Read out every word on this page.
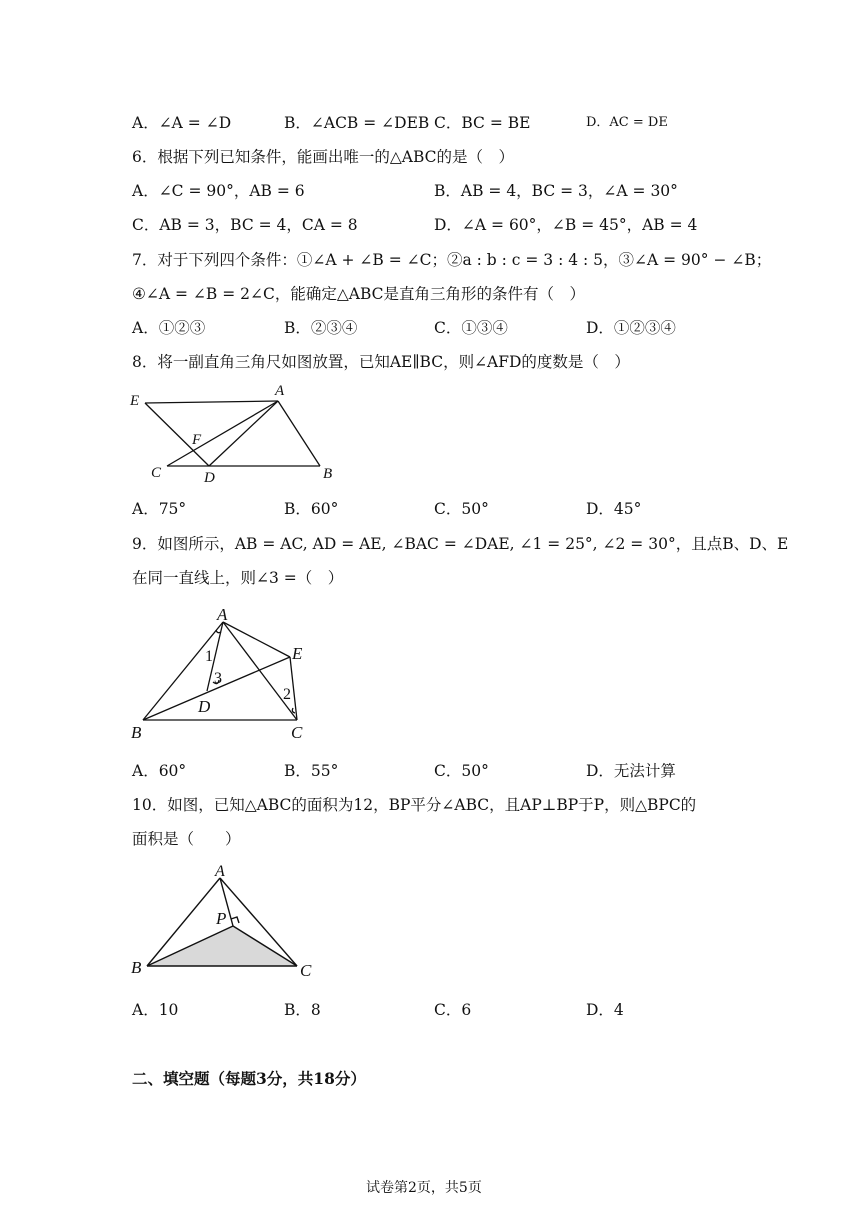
A．∠A = ∠D	B．∠ACB = ∠DEB C．BC = BE	D．AC = DE
6．根据下列已知条件，能画出唯一的△ABC的是（　）
A．∠C = 90°，AB = 6	B．AB = 4，BC = 3，∠A = 30°
C．AB = 3，BC = 4，CA = 8	D．∠A = 60°，∠B = 45°，AB = 4
7．对于下列四个条件：①∠A + ∠B = ∠C；②a : b : c = 3 : 4 : 5，③∠A = 90° − ∠B；
④∠A = ∠B = 2∠C，能确定△ABC是直角三角形的条件有（　）
A．①②③	B．②③④	C．①③④	D．①②③④
8．将一副直角三角尺如图放置，已知AE∥BC，则∠AFD的度数是（　）
E
A
F
C	D	B
A．75°	B．60°	C．50°	D．45°
9．如图所示，AB = AC, AD = AE, ∠BAC = ∠DAE, ∠1 = 25°, ∠2 = 30°，且点B、D、E
在同一直线上，则∠3 =（　）
A
E
1
3
2
D
B	C
A．60°	B．55°	C．50°	D．无法计算
10．如图，已知△ABC的面积为12，BP平分∠ABC，且AP⊥BP于P，则△BPC的
面积是（　　）
A
P
B	C
A．10	B．8	C．6	D．4
二、填空题（每题3分，共18分）
试卷第2页，共5页
